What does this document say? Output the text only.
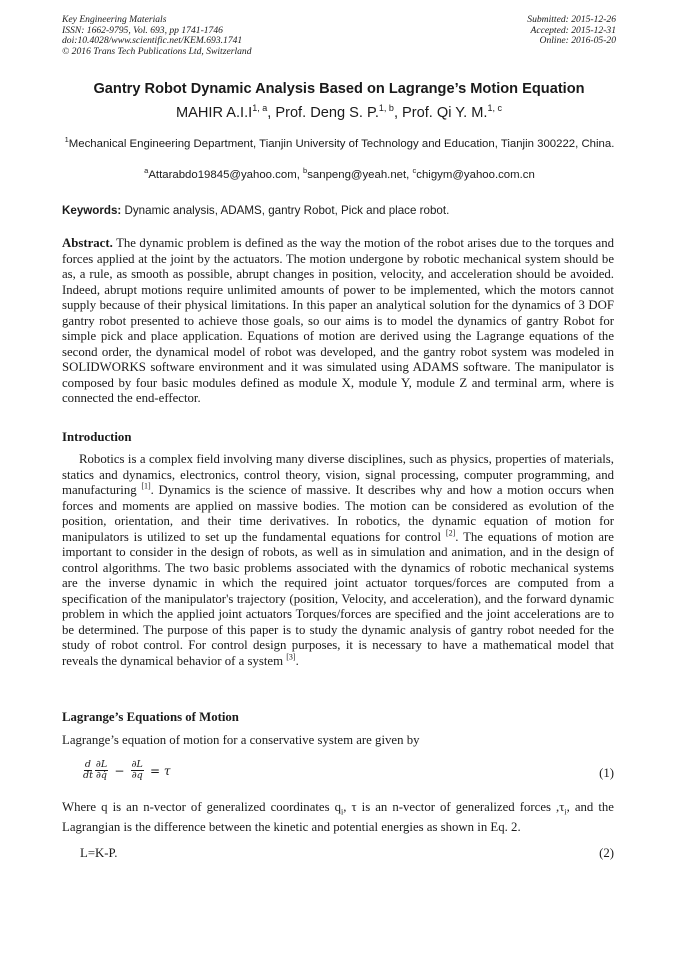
Key Engineering Materials
ISSN: 1662-9795, Vol. 693, pp 1741-1746
doi:10.4028/www.scientific.net/KEM.693.1741
© 2016 Trans Tech Publications Ltd, Switzerland
Submitted: 2015-12-26
Accepted: 2015-12-31
Online: 2016-05-20
Gantry Robot Dynamic Analysis Based on Lagrange’s Motion Equation
MAHIR $A.I.I^{1, a}$, Prof. Deng S. P.$^{1, b}$, Prof. Qi Y. M.$^{1, c}$
$^1$Mechanical Engineering Department, Tianjin University of Technology and Education, Tianjin 300222, China.
$^a$Attarabdo19845@yahoo.com, $^b$sanpeng@yeah.net, $^c$chigym@yahoo.com.cn
Keywords: Dynamic analysis, ADAMS, gantry Robot, Pick and place robot.
Abstract. The dynamic problem is defined as the way the motion of the robot arises due to the torques and forces applied at the joint by the actuators. The motion undergone by robotic mechanical system should be as, a rule, as smooth as possible, abrupt changes in position, velocity, and acceleration should be avoided. Indeed, abrupt motions require unlimited amounts of power to be implemented, which the motors cannot supply because of their physical limitations. In this paper an analytical solution for the dynamics of 3 DOF gantry robot presented to achieve those goals, so our aims is to model the dynamics of gantry Robot for simple pick and place application. Equations of motion are derived using the Lagrange equations of the second order, the dynamical model of robot was developed, and the gantry robot system was modeled in SOLIDWORKS software environment and it was simulated using ADAMS software. The manipulator is composed by four basic modules defined as module X, module Y, module Z and terminal arm, where is connected the end-effector.
Introduction
Robotics is a complex field involving many diverse disciplines, such as physics, properties of materials, statics and dynamics, electronics, control theory, vision, signal processing, computer programming, and manufacturing [1]. Dynamics is the science of massive. It describes why and how a motion occurs when forces and moments are applied on massive bodies. The motion can be considered as evolution of the position, orientation, and their time derivatives. In robotics, the dynamic equation of motion for manipulators is utilized to set up the fundamental equations for control [2]. The equations of motion are important to consider in the design of robots, as well as in simulation and animation, and in the design of control algorithms. The two basic problems associated with the dynamics of robotic mechanical systems are the inverse dynamic in which the required joint actuator torques/forces are computed from a specification of the manipulator's trajectory (position, Velocity, and acceleration), and the forward dynamic problem in which the applied joint actuators Torques/forces are specified and the joint accelerations are to be determined. The purpose of this paper is to study the dynamic analysis of gantry robot needed for the study of robot control. For control design purposes, it is necessary to have a mathematical model that reveals the dynamical behavior of a system [3].
Lagrange’s Equations of Motion
Lagrange’s equation of motion for a conservative system are given by
$\frac{d}{dt} \frac{\partial L}{\partial q̇} - \frac{\partial L}{\partial q} = \tau$	(1)
Where q is an n-vector of generalized coordinates $q_i$, τ is an n-vector of generalized forces $,\tau_i$, and the Lagrangian is the difference between the kinetic and potential energies as shown in Eq. 2.
L=K-P.	(2)
